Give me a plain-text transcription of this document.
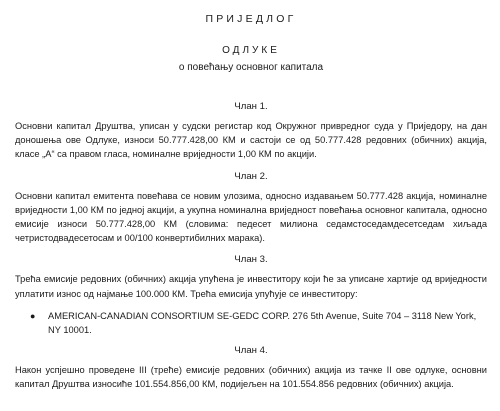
ПРИЈЕДЛОГ
ОДЛУКЕ
о повећању основног капитала
Члан 1.

Основни капитал Друштва, уписан у судски регистар код Окружног привредног суда у Приједору, на дан доношења ове Одлуке, износи 50.777.428,00 КМ и састоји се од 50.777.428 редовних (обичних) акција, класе „А“ са правом гласа, номиналне вриједности 1,00 КМ по акцији.

Члан 2.

Основни капитал емитента повећава се новим улозима, односно издавањем 50.777.428 акција, номиналне вриједности 1,00 КМ по једној акцији, а укупна номинална вриједност повећања основног капитала, односно емисије износи 50.777.428,00 КМ (словима: педесет милиона седамстоседамдесетседам хиљада четристодвадесетосам и 00/100 конвертибилних марака).

Члан 3.

Трећа емисије редовних (обичних) акција упућена је инвеститору који ће за уписане хартије од вриједности уплатити износ од најмање 100.000 КМ. Трећа емисија упућује се инвеститору:

●	AMERICAN-CANADIAN CONSORTIUM SE-GEDC CORP. 276 5th Avenue, Suite 704 – 3118 New York, NY 10001.
Члан 4.

Након успјешно проведене III (треће) емисије редовних (обичних) акција из тачке II ове одлуке, основни капитал Друштва износиће 101.554.856,00 КМ, подијељен на 101.554.856 редовних (обичних) акција.
